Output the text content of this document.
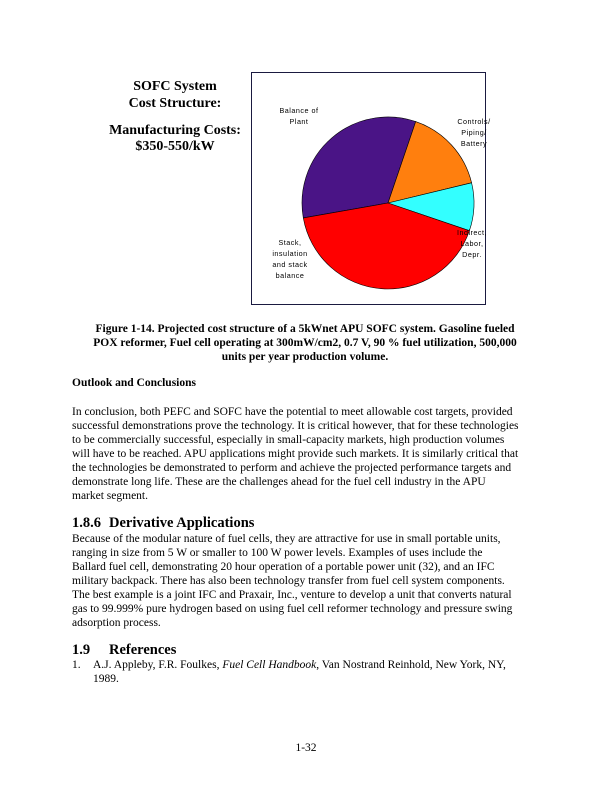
SOFC System
Cost Structure:
Manufacturing Costs:
$350-550/kW
Balance of
Plant	Controls/
Piping/
Battery
Indirect,
Labor,
Depr.
Stack,
insulation
and stack
balance
Figure 1-14. Projected cost structure of a 5kWnet APU SOFC system. Gasoline fueled
POX reformer, Fuel cell operating at 300mW/cm2, 0.7 V, 90 % fuel utilization, 500,000
units per year production volume.
Outlook and Conclusions
In conclusion, both PEFC and SOFC have the potential to meet allowable cost targets, provided
successful demonstrations prove the technology. It is critical however, that for these technologies
to be commercially successful, especially in small-capacity markets, high production volumes
will have to be reached. APU applications might provide such markets. It is similarly critical that
the technologies be demonstrated to perform and achieve the projected performance targets and
demonstrate long life. These are the challenges ahead for the fuel cell industry in the APU
market segment.
1.8.6 Derivative Applications
Because of the modular nature of fuel cells, they are attractive for use in small portable units,
ranging in size from 5 W or smaller to 100 W power levels. Examples of uses include the
Ballard fuel cell, demonstrating 20 hour operation of a portable power unit (32), and an IFC
military backpack. There has also been technology transfer from fuel cell system components.
The best example is a joint IFC and Praxair, Inc., venture to develop a unit that converts natural
gas to 99.999% pure hydrogen based on using fuel cell reformer technology and pressure swing
adsorption process.
1.9 References
1. A.J. Appleby, F.R. Foulkes, Fuel Cell Handbook, Van Nostrand Reinhold, New York, NY,
1989.
1-32
